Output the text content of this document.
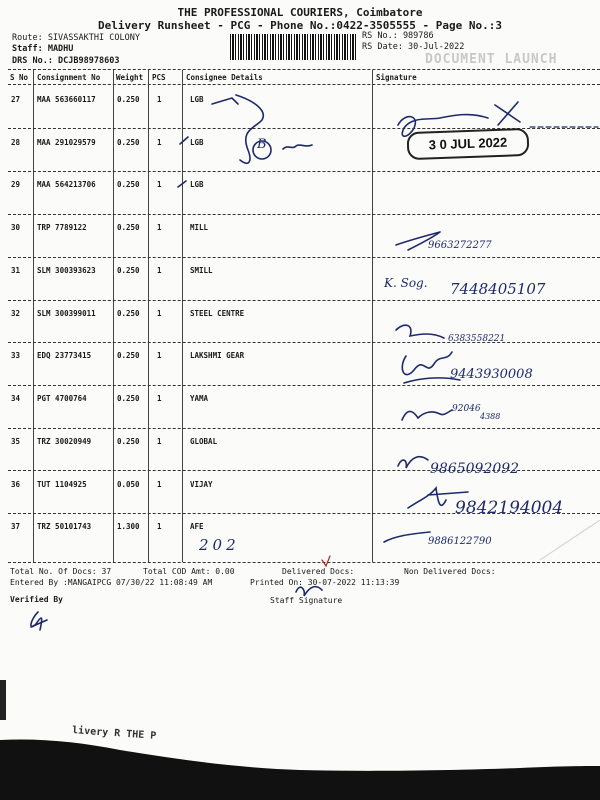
THE PROFESSIONAL COURIERS, Coimbatore
Delivery Runsheet - PCG - Phone No.:0422-3505555 - Page No.:3
Route: SIVASSAKTHI COLONY
Staff: MADHU
DRS No.: DCJB98978603
RS No.: 989786
RS Date: 30-Jul-2022
DOCUMENT LAUNCH
S No Consignment No Weight PCS	Consignee Details	Signature
27 MAA 563660117	0.250 1	LGB
28 MAA 291029579	0.250 1	LGB
29 MAA 564213706	0.250 1	LGB
30 TRP 7789122	0.250 1	MILL
31 SLM 300393623	0.250 1	SMILL
32 SLM 300399011	0.250 1	STEEL CENTRE
33 EDQ 23773415	0.250 1	LAKSHMI GEAR
34 PGT 4700764	0.250 1	YAMA
35 TRZ 30020949	0.250 1	GLOBAL
36 TUT 1104925	0.050 1	VIJAY
37 TRZ 50101743	1.300 1	AFE
Total No. Of Docs: 37	Total COD Amt: 0.00	Delivered Docs:	Non Delivered Docs:
Entered By :MANGAIPCG 07/30/22 11:08:49 AM	Printed On: 30-07-2022 11:13:39
Verified By	Staff Signature
3 0 JUL 2022
9663272277
K. Sog. 7448405107
6383558221
9443930008
92046
4388
9865092092
9842194004
9886122790
B
202
livery R THE P
